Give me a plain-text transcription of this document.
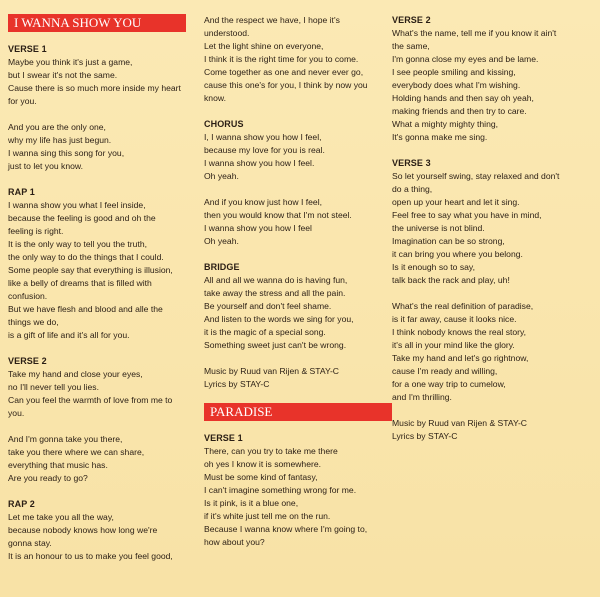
I WANNA SHOW YOU
VERSE 1
Maybe you think it's just a game,
but I swear it's not the same.
Cause there is so much more inside my heart
for you.
And you are the only one,
why my life has just begun.
I wanna sing this song for you,
just to let you know.
RAP 1
I wanna show you what I feel inside,
because the feeling is good and oh the
feeling is right.
It is the only way to tell you the truth,
the only way to do the things that I could.
Some people say that everything is illusion,
like a belly of dreams that is filled with
confusion.
But we have flesh and blood and alle the
things we do,
is a gift of life and it's all for you.
VERSE 2
Take my hand and close your eyes,
no I'll never tell you lies.
Can you feel the warmth of love from me to
you.
And I'm gonna take you there,
take you there where we can share,
everything that music has.
Are you ready to go?
RAP 2
Let me take you all the way,
because nobody knows how long we're
gonna stay.
It is an honour to us to make you feel good,
And the respect we have, I hope it's
understood.
Let the light shine on everyone,
I think it is the right time for you to come.
Come together as one and never ever go,
cause this one's for you, I think by now you
know.
CHORUS
I, I wanna show you how I feel,
because my love for you is real.
I wanna show you how I feel.
Oh yeah.
And if you know just how I feel,
then you would know that I'm not steel.
I wanna show you how I feel
Oh yeah.
BRIDGE
All and all we wanna do is having fun,
take away the stress and all the pain.
Be yourself and don't feel shame.
And listen to the words we sing for you,
it is the magic of a special song.
Something sweet just can't be wrong.
Music by Ruud van Rijen & STAY-C
Lyrics by STAY-C
PARADISE
VERSE 1
There, can you try to take me there
oh yes I know it is somewhere.
Must be some kind of fantasy,
I can't imagine something wrong for me.
Is it pink, is it a blue one,
if it's white just tell me on the run.
Because I wanna know where I'm going to,
how about you?
VERSE 2
What's the name, tell me if you know it ain't
the same,
I'm gonna close my eyes and be lame.
I see people smiling and kissing,
everybody does what I'm wishing.
Holding hands and then say oh yeah,
making friends and then try to care.
What a mighty mighty thing,
It's gonna make me sing.
VERSE 3
So let yourself swing, stay relaxed and don't
do a thing,
open up your heart and let it sing.
Feel free to say what you have in mind,
the universe is not blind.
Imagination can be so strong,
it can bring you where you belong.
Is it enough so to say,
talk back the rack and play, uh!
What's the real definition of paradise,
is it far away, cause it looks nice.
I think nobody knows the real story,
it's all in your mind like the glory.
Take my hand and let's go rightnow,
cause I'm ready and willing,
for a one way trip to cumelow,
and I'm thrilling.
Music by Ruud van Rijen & STAY-C
Lyrics by STAY-C
